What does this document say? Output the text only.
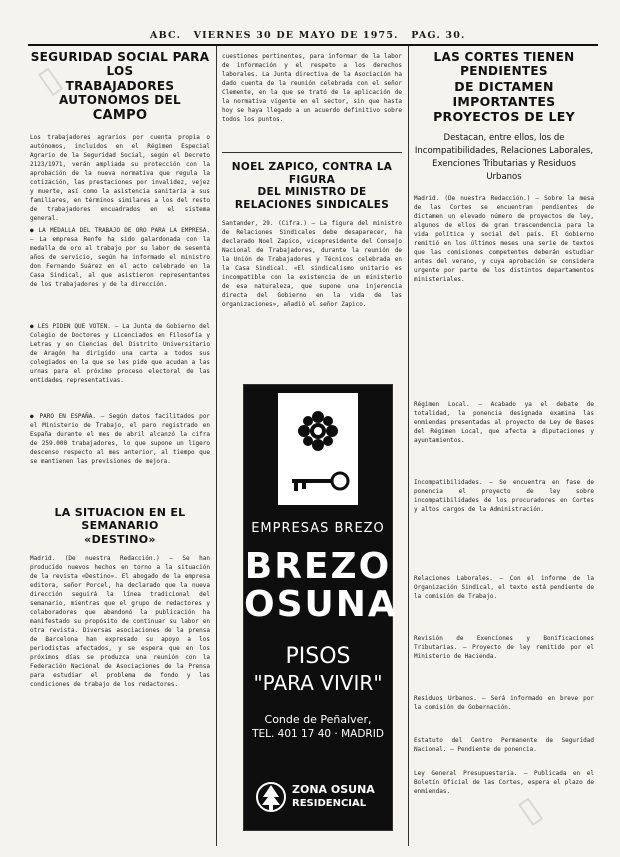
ABC. VIERNES 30 DE MAYO DE 1975. PAG. 30.
SEGURIDAD SOCIAL PARA LOS
TRABAJADORES AUTONOMOS DEL
CAMPO

Los trabajadores agrarios por cuenta propia o autónomos, incluidos en el Régimen Especial Agrario de la Seguridad Social, según el Decreto 2123/1971, verán ampliada su protección con la aprobación de la nueva normativa que regula la cotización, las prestaciones por invalidez, vejez y muerte, así como la asistencia sanitaria a sus familiares, en términos similares a los del resto de trabajadores encuadrados en el sistema general.

● LA MEDALLA DEL TRABAJO DE ORO PARA LA EMPRESA. — La empresa Renfe ha sido galardonada con la medalla de oro al trabajo por su labor de sesenta años de servicio, según ha informado el ministro don Fernando Suárez en el acto celebrado en la Casa Sindical, al que asistieron representantes de los trabajadores y de la dirección.

● LES PIDEN QUE VOTEN. — La Junta de Gobierno del Colegio de Doctores y Licenciados en Filosofía y Letras y en Ciencias del Distrito Universitario de Aragón ha dirigido una carta a todos sus colegiados en la que se les pide que acudan a las urnas para el próximo proceso electoral de las entidades representativas.

● PARO EN ESPAÑA. — Según datos facilitados por el Ministerio de Trabajo, el paro registrado en España durante el mes de abril alcanzó la cifra de 259.000 trabajadores, lo que supone un ligero descenso respecto al mes anterior, al tiempo que se mantienen las previsiones de mejora.

LA SITUACION EN EL SEMANARIO
«DESTINO»

Madrid. (De nuestra Redacción.) — Se han producido nuevos hechos en torno a la situación de la revista «Destino». El abogado de la empresa editora, señor Porcel, ha declarado que la nueva dirección seguirá la línea tradicional del semanario, mientras que el grupo de redactores y colaboradores que abandonó la publicación ha manifestado su propósito de continuar su labor en otra revista. Diversas asociaciones de la prensa de Barcelona han expresado su apoyo a los periodistas afectados, y se espera que en los próximos días se produzca una reunión con la Federación Nacional de Asociaciones de la Prensa para estudiar el problema de fondo y las condiciones de trabajo de los redactores.

cuestiones pertinentes, para informar de la labor de información y el respeto a los derechos laborales. La Junta directiva de la Asociación ha dado cuenta de la reunión celebrada con el señor Clemente, en la que se trató de la aplicación de la normativa vigente en el sector, sin que hasta hoy se haya llegado a un acuerdo definitivo sobre todos los puntos.

NOEL ZAPICO, CONTRA LA FIGURA
DEL MINISTRO DE RELACIONES SINDICALES

Santander, 29. (Cifra.) — La figura del ministro de Relaciones Sindicales debe desaparecer, ha declarado Noel Zapico, vicepresidente del Consejo Nacional de Trabajadores, durante la reunión de la Unión de Trabajadores y Técnicos celebrada en la Casa Sindical. «El sindicalismo unitario es incompatible con la existencia de un ministerio de esa naturaleza, que supone una injerencia directa del Gobierno en la vida de las organizaciones», añadió el señor Zapico.

EMPRESAS BREZO
BREZO
OSUNA
PISOS
"PARA VIVIR"
Conde de Peñalver,
TEL. 401 17 40 · MADRID
ZONA OSUNA
RESIDENCIAL
LAS CORTES TIENEN PENDIENTES
DE DICTAMEN IMPORTANTES
PROYECTOS DE LEY

Destacan, entre ellos, los de Incompatibilidades, Relaciones Laborales, Exenciones Tributarias y Residuos Urbanos

Madrid. (De nuestra Redacción.) — Sobre la mesa de las Cortes se encuentran pendientes de dictamen un elevado número de proyectos de ley, algunos de ellos de gran trascendencia para la vida política y social del país. El Gobierno remitió en los últimos meses una serie de textos que las comisiones competentes deberán estudiar antes del verano, y cuya aprobación se considera urgente por parte de los distintos departamentos ministeriales.

Régimen Local. — Acabado ya el debate de totalidad, la ponencia designada examina las enmiendas presentadas al proyecto de Ley de Bases del Régimen Local, que afecta a diputaciones y ayuntamientos.

Incompatibilidades. — Se encuentra en fase de ponencia el proyecto de ley sobre incompatibilidades de los procuradores en Cortes y altos cargos de la Administración.

Relaciones Laborales. — Con el informe de la Organización Sindical, el texto está pendiente de la comisión de Trabajo.

Revisión de Exenciones y Bonificaciones Tributarias. — Proyecto de ley remitido por el Ministerio de Hacienda.

Residuos Urbanos. — Será informado en breve por la comisión de Gobernación.

Estatuto del Centro Permanente de Seguridad Nacional. — Pendiente de ponencia.

Ley General Presupuestaria. — Publicada en el Boletín Oficial de las Cortes, espera el plazo de enmiendas.

▯
▯
